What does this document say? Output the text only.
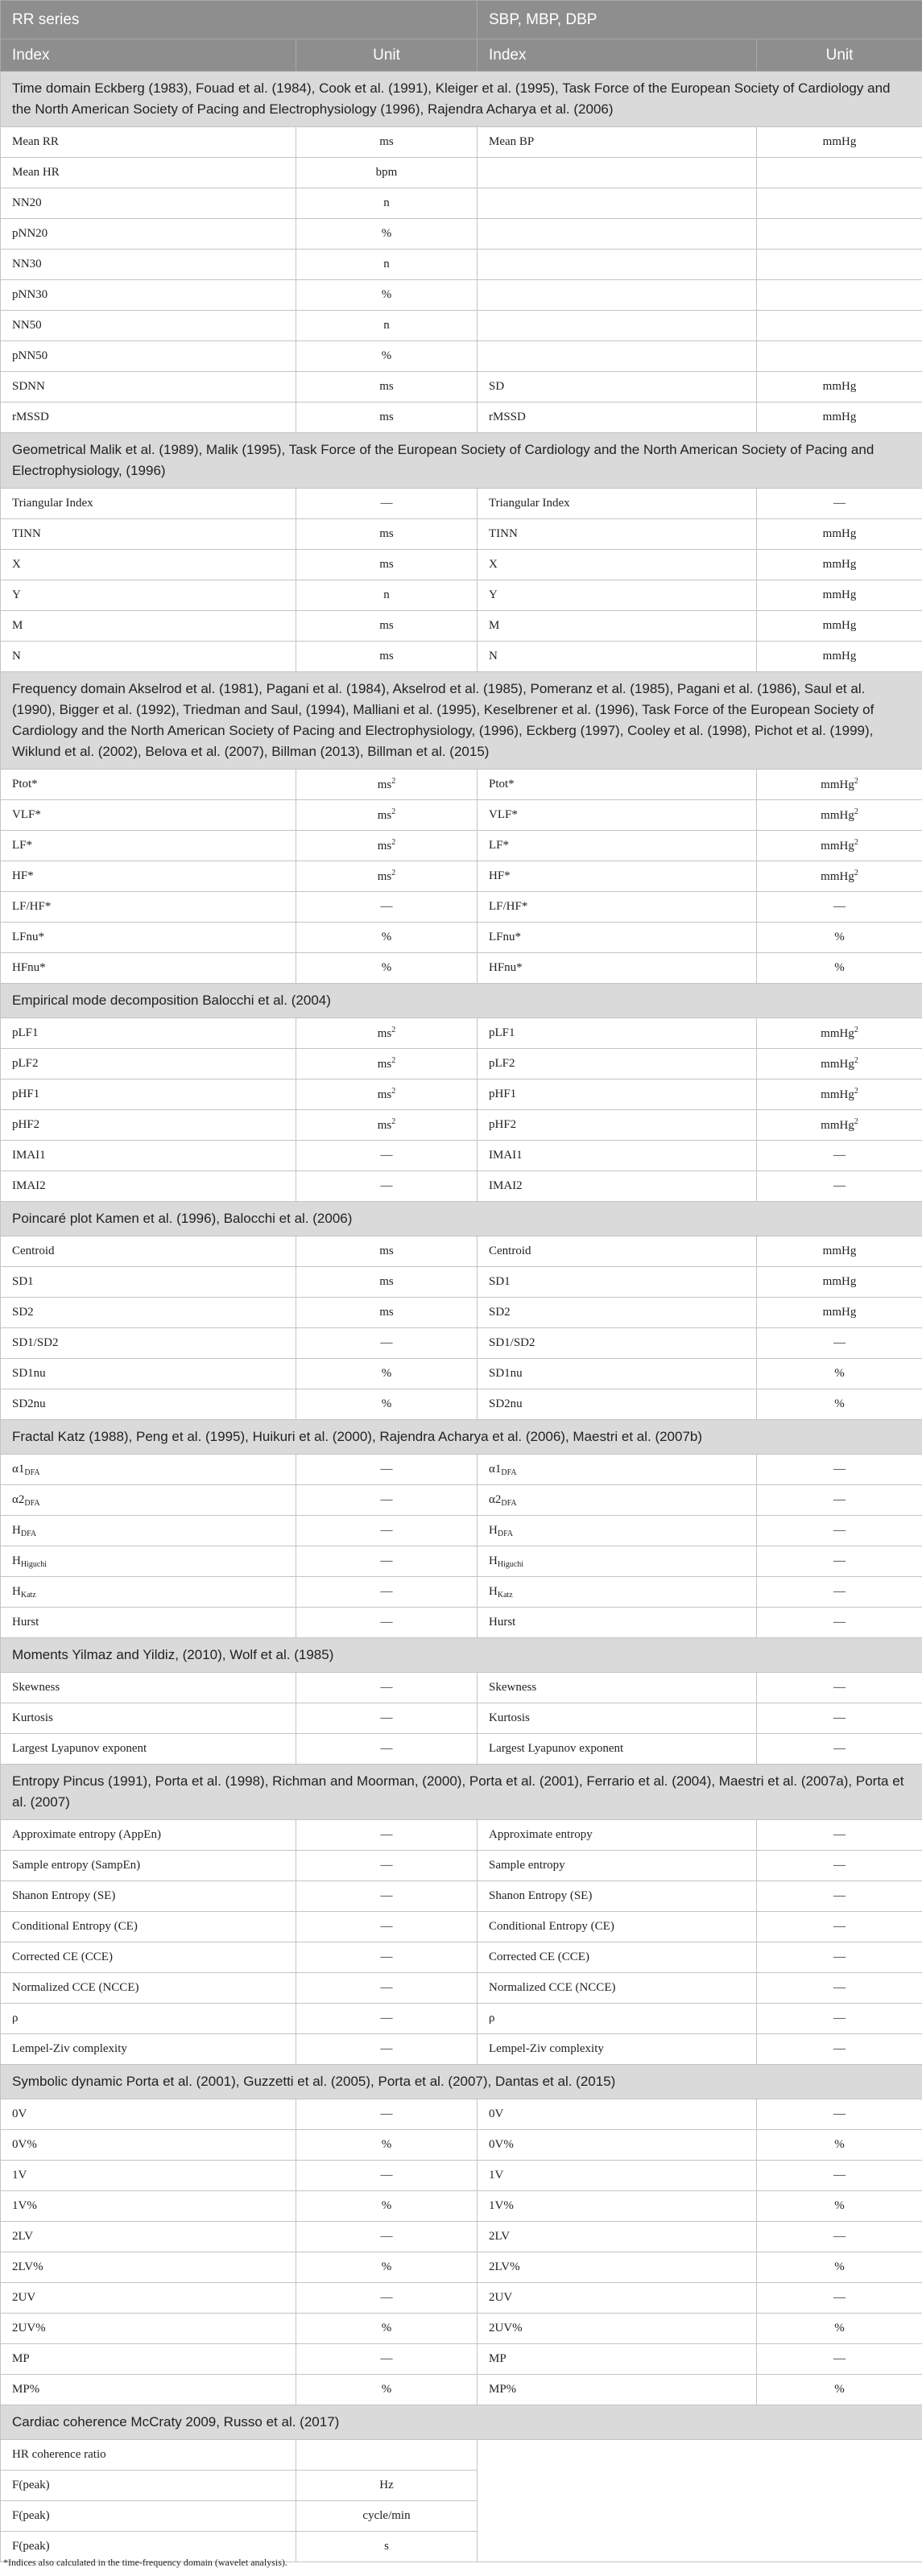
RR series		SBP, MBP, DBP	
Index	Unit	Index	Unit
Time domain Eckberg (1983), Fouad et al. (1984), Cook et al. (1991), Kleiger et al. (1995), Task Force of the European Society of Cardiology and the North American Society of Pacing and Electrophysiology (1996), Rajendra Acharya et al. (2006)			
Mean RR	ms	Mean BP	mmHg
Mean HR	bpm		
NN20	n		
pNN20	%		
NN30	n		
pNN30	%		
NN50	n		
pNN50	%		
SDNN	ms	SD	mmHg
rMSSD	ms	rMSSD	mmHg
Geometrical Malik et al. (1989), Malik (1995), Task Force of the European Society of Cardiology and the North American Society of Pacing and Electrophysiology, (1996)			
Triangular Index	—	Triangular Index	—
TINN	ms	TINN	mmHg
X	ms	X	mmHg
Y	n	Y	mmHg
M	ms	M	mmHg
N	ms	N	mmHg
Frequency domain Akselrod et al. (1981), Pagani et al. (1984), Akselrod et al. (1985), Pomeranz et al. (1985), Pagani et al. (1986), Saul et al. (1990), Bigger et al. (1992), Triedman and Saul, (1994), Malliani et al. (1995), Keselbrener et al. (1996), Task Force of the European Society of Cardiology and the North American Society of Pacing and Electrophysiology, (1996), Eckberg (1997), Cooley et al. (1998), Pichot et al. (1999), Wiklund et al. (2002), Belova et al. (2007), Billman (2013), Billman et al. (2015)			
Ptot*	$ms^2$	Ptot*	mmHg$^2$
VLF*	$ms^2$	VLF*	mmHg$^2$
LF*	$ms^2$	LF*	mmHg$^2$
HF*	$ms^2$	HF*	mmHg$^2$
LF/HF*	—	LF/HF*	—
LFnu*	%	LFnu*	%
HFnu*	%	HFnu*	%
Empirical mode decomposition Balocchi et al. (2004)			
pLF1	$ms^2$	pLF1	mmHg$^2$
pLF2	$ms^2$	pLF2	mmHg$^2$
pHF1	$ms^2$	pHF1	mmHg$^2$
pHF2	$ms^2$	pHF2	mmHg$^2$
IMAI1	—	IMAI1	—
IMAI2	—	IMAI2	—
Poincaré plot Kamen et al. (1996), Balocchi et al. (2006)			
Centroid	ms	Centroid	mmHg
SD1	ms	SD1	mmHg
SD2	ms	SD2	mmHg
SD1/SD2	—	SD1/SD2	—
SD1nu	%	SD1nu	%
SD2nu	%	SD2nu	%
Fractal Katz (1988), Peng et al. (1995), Huikuri et al. (2000), Rajendra Acharya et al. (2006), Maestri et al. (2007b)			
$\alpha 1_{DFA}$	—	$\alpha 1_{DFA}$	—
$\alpha 2_{DFA}$	—	$\alpha 2_{DFA}$	—
$H_{DFA}$	—	$H_{DFA}$	—
$H_{Higuchi}$	—	$H_{Higuchi}$	—
$H_{Katz}$	—	$H_{Katz}$	—
Hurst	—	Hurst	—
Moments Yilmaz and Yildiz, (2010), Wolf et al. (1985)			
Skewness	—	Skewness	—
Kurtosis	—	Kurtosis	—
Largest Lyapunov exponent	—	Largest Lyapunov exponent	—
Entropy Pincus (1991), Porta et al. (1998), Richman and Moorman, (2000), Porta et al. (2001), Ferrario et al. (2004), Maestri et al. (2007a), Porta et al. (2007)			
Approximate entropy (AppEn)	—	Approximate entropy	—
Sample entropy (SampEn)	—	Sample entropy	—
Shanon Entropy (SE)	—	Shanon Entropy (SE)	—
Conditional Entropy (CE)	—	Conditional Entropy (CE)	—
Corrected CE (CCE)	—	Corrected CE (CCE)	—
Normalized CCE (NCCE)	—	Normalized CCE (NCCE)	—
ρ	—	ρ	—
Lempel-Ziv complexity	—	Lempel-Ziv complexity	—
Symbolic dynamic Porta et al. (2001), Guzzetti et al. (2005), Porta et al. (2007), Dantas et al. (2015)			
0V	—	0V	—
0V%	%	0V%	%
1V	—	1V	—
1V%	%	1V%	%
2LV	—	2LV	—
2LV%	%	2LV%	%
2UV	—	2UV	—
2UV%	%	2UV%	%
MP	—	MP	—
MP%	%	MP%	%
Cardiac coherence McCraty 2009, Russo et al. (2017)			
HR coherence ratio			
F(peak)	Hz		
F(peak)	cycle/min		
F(peak)	s		
*Indices also calculated in the time-frequency domain (wavelet analysis).
